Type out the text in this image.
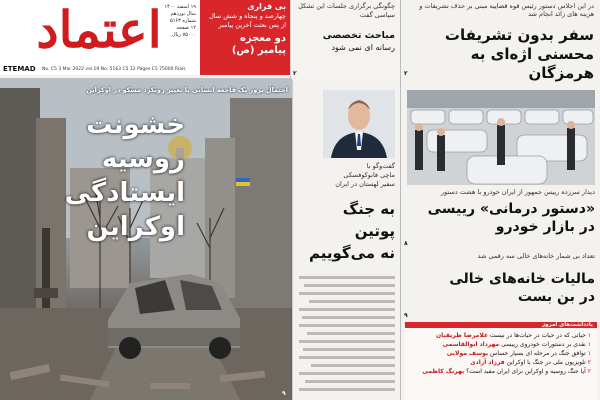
اعتماد ۱۹ اسفند ۱۴۰۰
سال نوزدهم
شماره ۵۱۶۳
۱۲ صفحه
۷۵۰۰۰ ریال
ETEMAD No. C5 3 Mar 2022 vol 19 No. 5163 C5 12 Pages C5 75000 Rials
بی قراری
چهارصد و پنجاه و شش سال از پس بعثت آخرین پیامبر
دو معجزه
پیامبر (ص)
چگونگی برگزاری جلسات این تشکل سیاسی گفت
مباحث تخصصی
رسانه ای نمی شود
۲
در این اجلاس دستور رئیس قوه قضاییه مبنی بر حذف تشریفات و هزینه های زائد انجام شد
سفر بدون تشریفات
محسنی اژه‌ای به هرمزگان
۲
احتمال بروز یک فاجعه انسانی با تغییر رویکرد مسکو در اوکراین
خشونت روسیه
ایستادگی اوکراین
۹
گفت‌وگو با
ماچی فانوکوفسکی
سفیر لهستان در ایران
به جنگ
پوتین
نه می‌گوییم
دیدار سرزده رییس جمهور از ایران خودرو با هشت دستور
«دستور درمانی» رییسی
در بازار خودرو
تعداد بی شمار خانه‌های خالی سه رقمی شد
مالیات خانه‌های خالی
در بن بست
۸
۹
یادداشت‌های امروز
۱ حیاتی که در حیات در حیات‌ها در نیست غلامرضا ظریفیان
۱ نقدی بر دستورات خودروی رییسی مهرداد ابوالقاسمی
۱ توافق جنگ در مرحله ای بسیار حساس یوسف مولایی
۲ تلویزیون ملی در جنگ با اوکراین فرزاد آزادی
۲ آیا جنگ روسیه و اوکراین برای ایران مفید است؟ بهرنگ کاظمی
